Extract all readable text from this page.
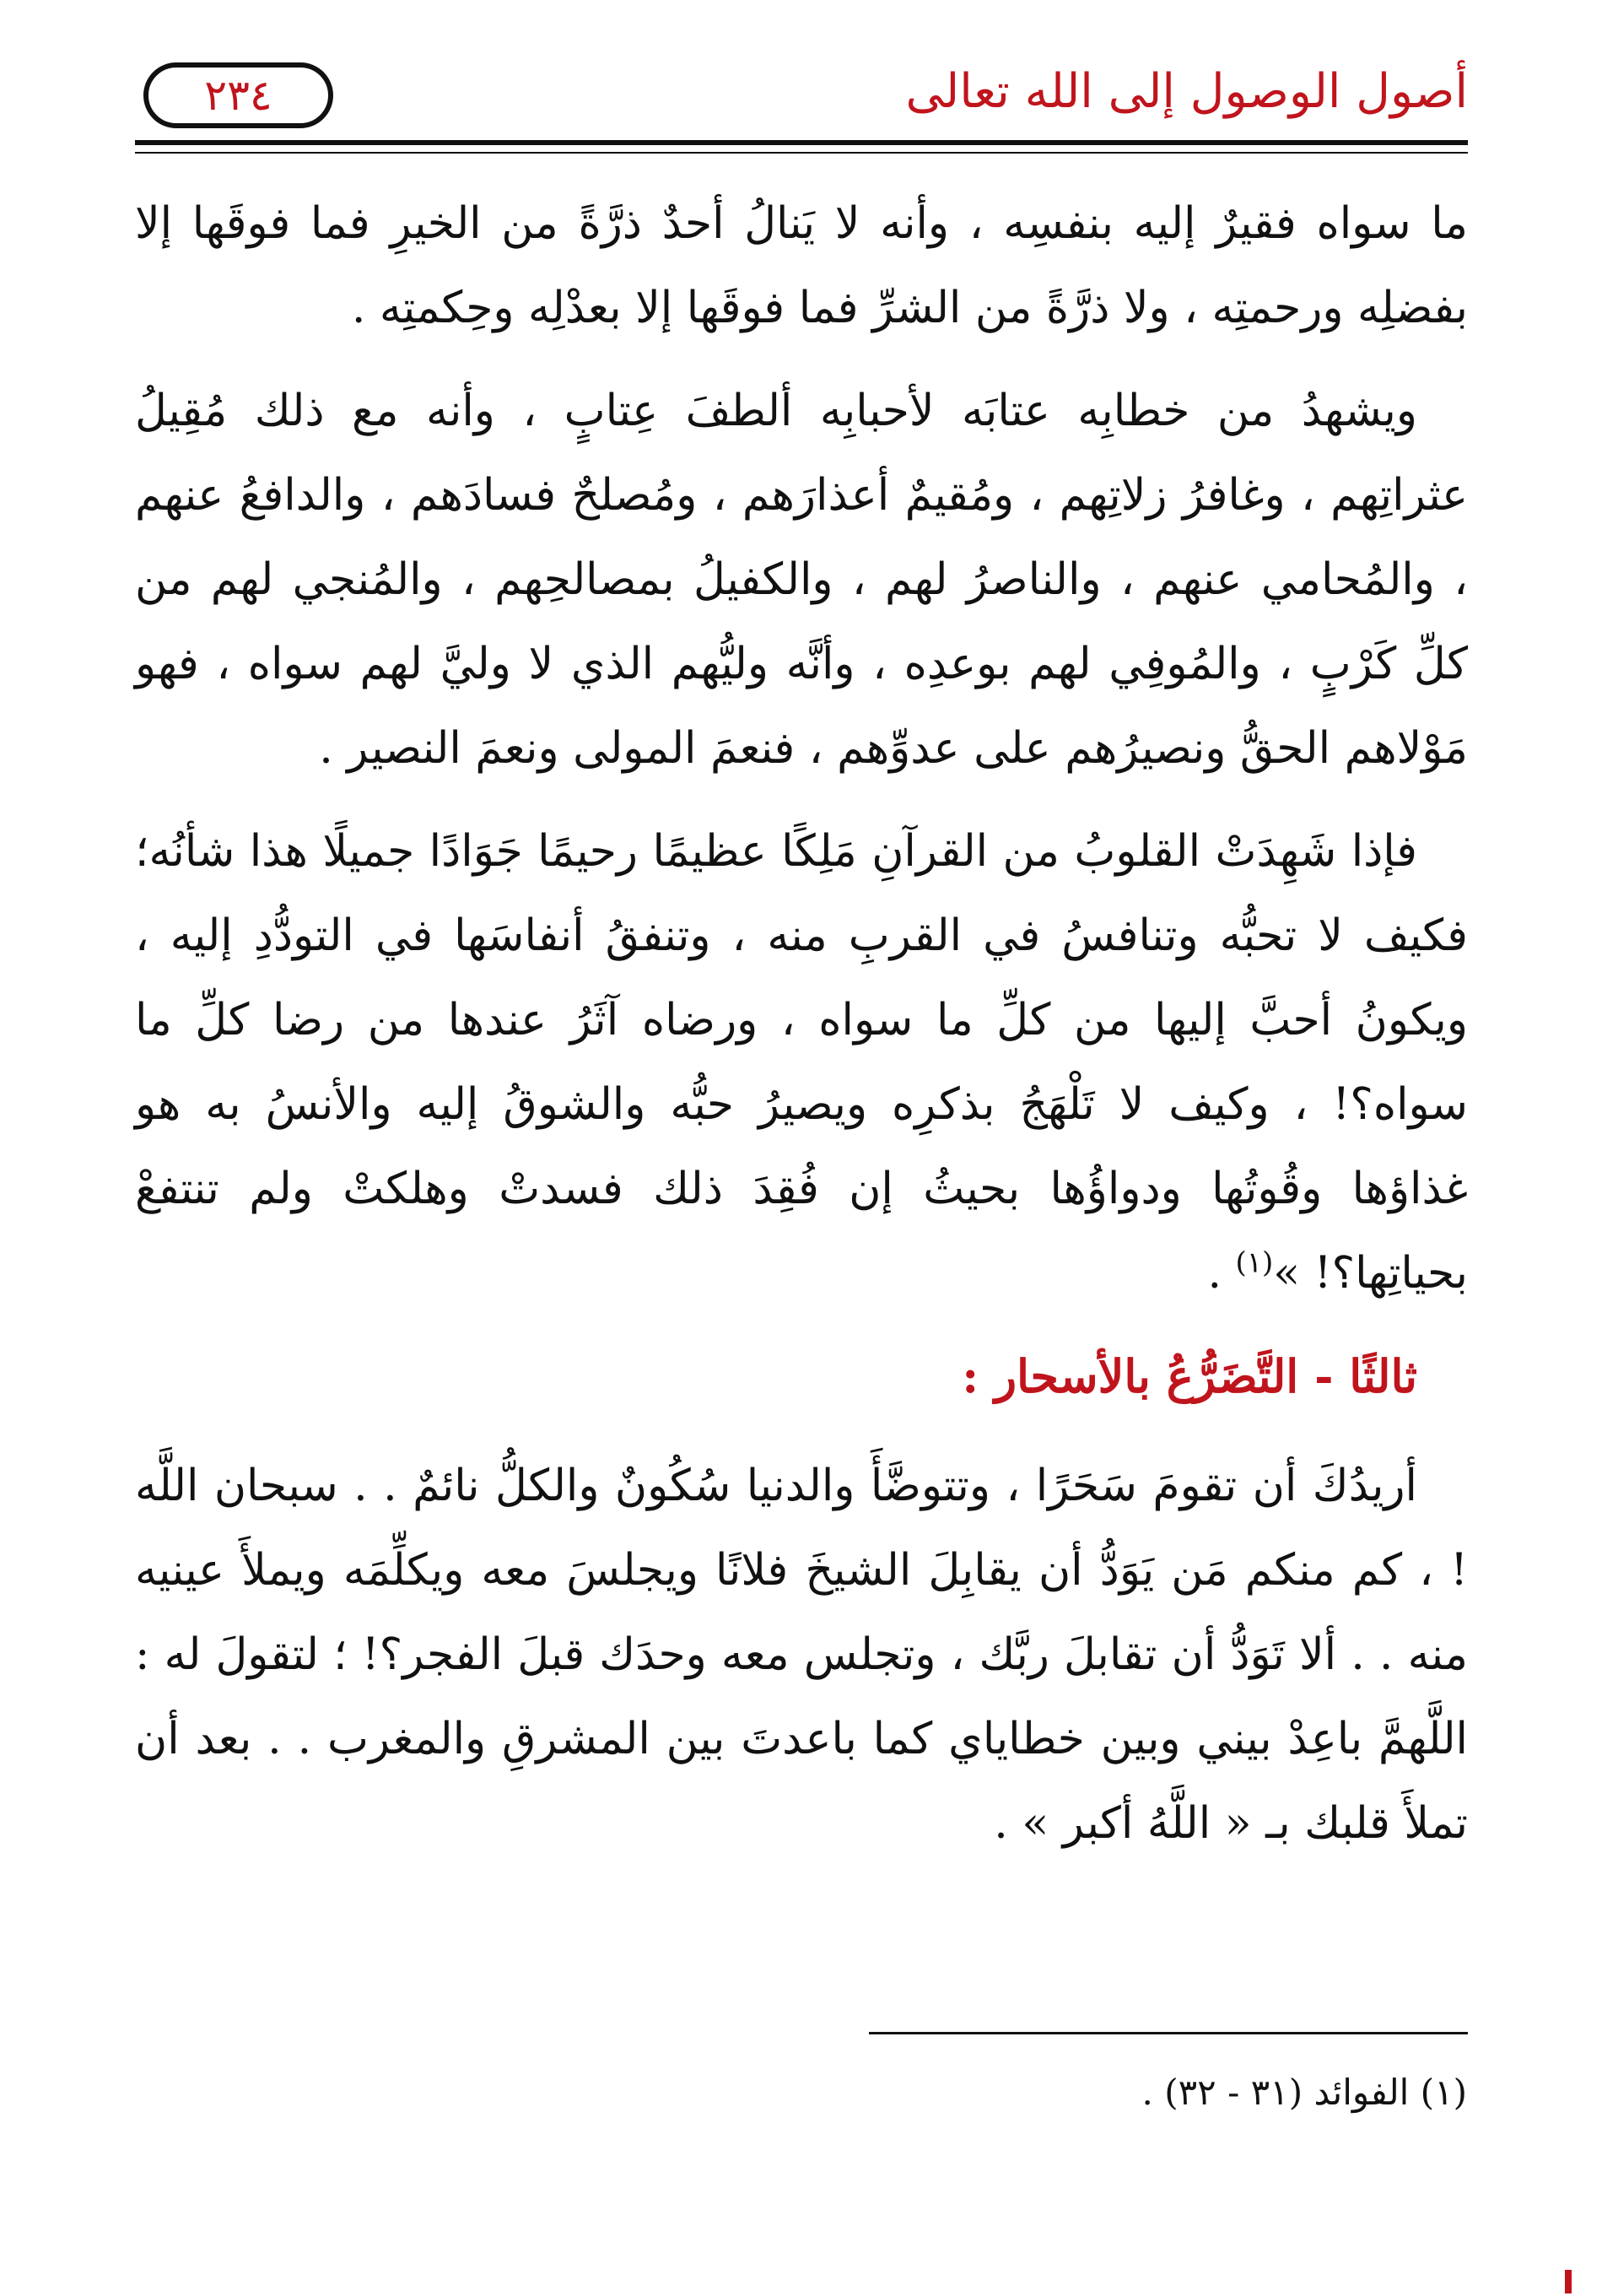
أصول الوصول إلى الله تعالى
٢٣٤

ما سواه فقيرٌ إليه بنفسِه ، وأنه لا يَنالُ أحدٌ ذرَّةً من الخيرِ فما فوقَها إلا بفضلِه ورحمتِه ، ولا ذرَّةً من الشرِّ فما فوقَها إلا بعدْلِه وحِكمتِه .

ويشهدُ من خطابِه عتابَه لأحبابِه ألطفَ عِتابٍ ، وأنه مع ذلك مُقِيلُ عثراتِهم ، وغافرُ زلاتِهم ، ومُقيمٌ أعذارَهم ، ومُصلحٌ فسادَهم ، والدافعُ عنهم ، والمُحامي عنهم ، والناصرُ لهم ، والكفيلُ بمصالحِهم ، والمُنجي لهم من كلِّ كَرْبٍ ، والمُوفِي لهم بوعدِه ، وأنَّه وليُّهم الذي لا وليَّ لهم سواه ، فهو مَوْلاهم الحقُّ ونصيرُهم على عدوِّهم ، فنعمَ المولى ونعمَ النصير .

فإذا شَهِدَتْ القلوبُ من القرآنِ مَلِكًا عظيمًا رحيمًا جَوَادًا جميلًا هذا شأنُه؛ فكيف لا تحبُّه وتنافسُ في القربِ منه ، وتنفقُ أنفاسَها في التودُّدِ إليه ، ويكونُ أحبَّ إليها من كلِّ ما سواه ، ورضاه آثَرُ عندها من رضا كلِّ ما سواه؟! ، وكيف لا تَلْهَجُ بذكرِه ويصيرُ حبُّه والشوقُ إليه والأنسُ به هو غذاؤها وقُوتُها ودواؤُها بحيثُ إن فُقِدَ ذلك فسدتْ وهلكتْ ولم تنتفعْ بحياتِها؟! »$^{(١)}$ .

ثالثًا - التَّضَرُّعُ بالأسحار :

أريدُكَ أن تقومَ سَحَرًا ، وتتوضَّأَ والدنيا سُكُونٌ والكلُّ نائمٌ . . سبحان اللَّه ! ، كم منكم مَن يَوَدُّ أن يقابِلَ الشيخَ فلانًا ويجلسَ معه ويكلِّمَه ويملأَ عينيه منه . . ألا تَوَدُّ أن تقابلَ ربَّك ، وتجلس معه وحدَك قبلَ الفجر؟! ؛ لتقولَ له : اللَّهمَّ باعِدْ بيني وبين خطاياي كما باعدتَ بين المشرقِ والمغرب . . بعد أن تملأَ قلبك بـ « اللَّهُ أكبر » .

(١) الفوائد (٣١ - ٣٢) .
